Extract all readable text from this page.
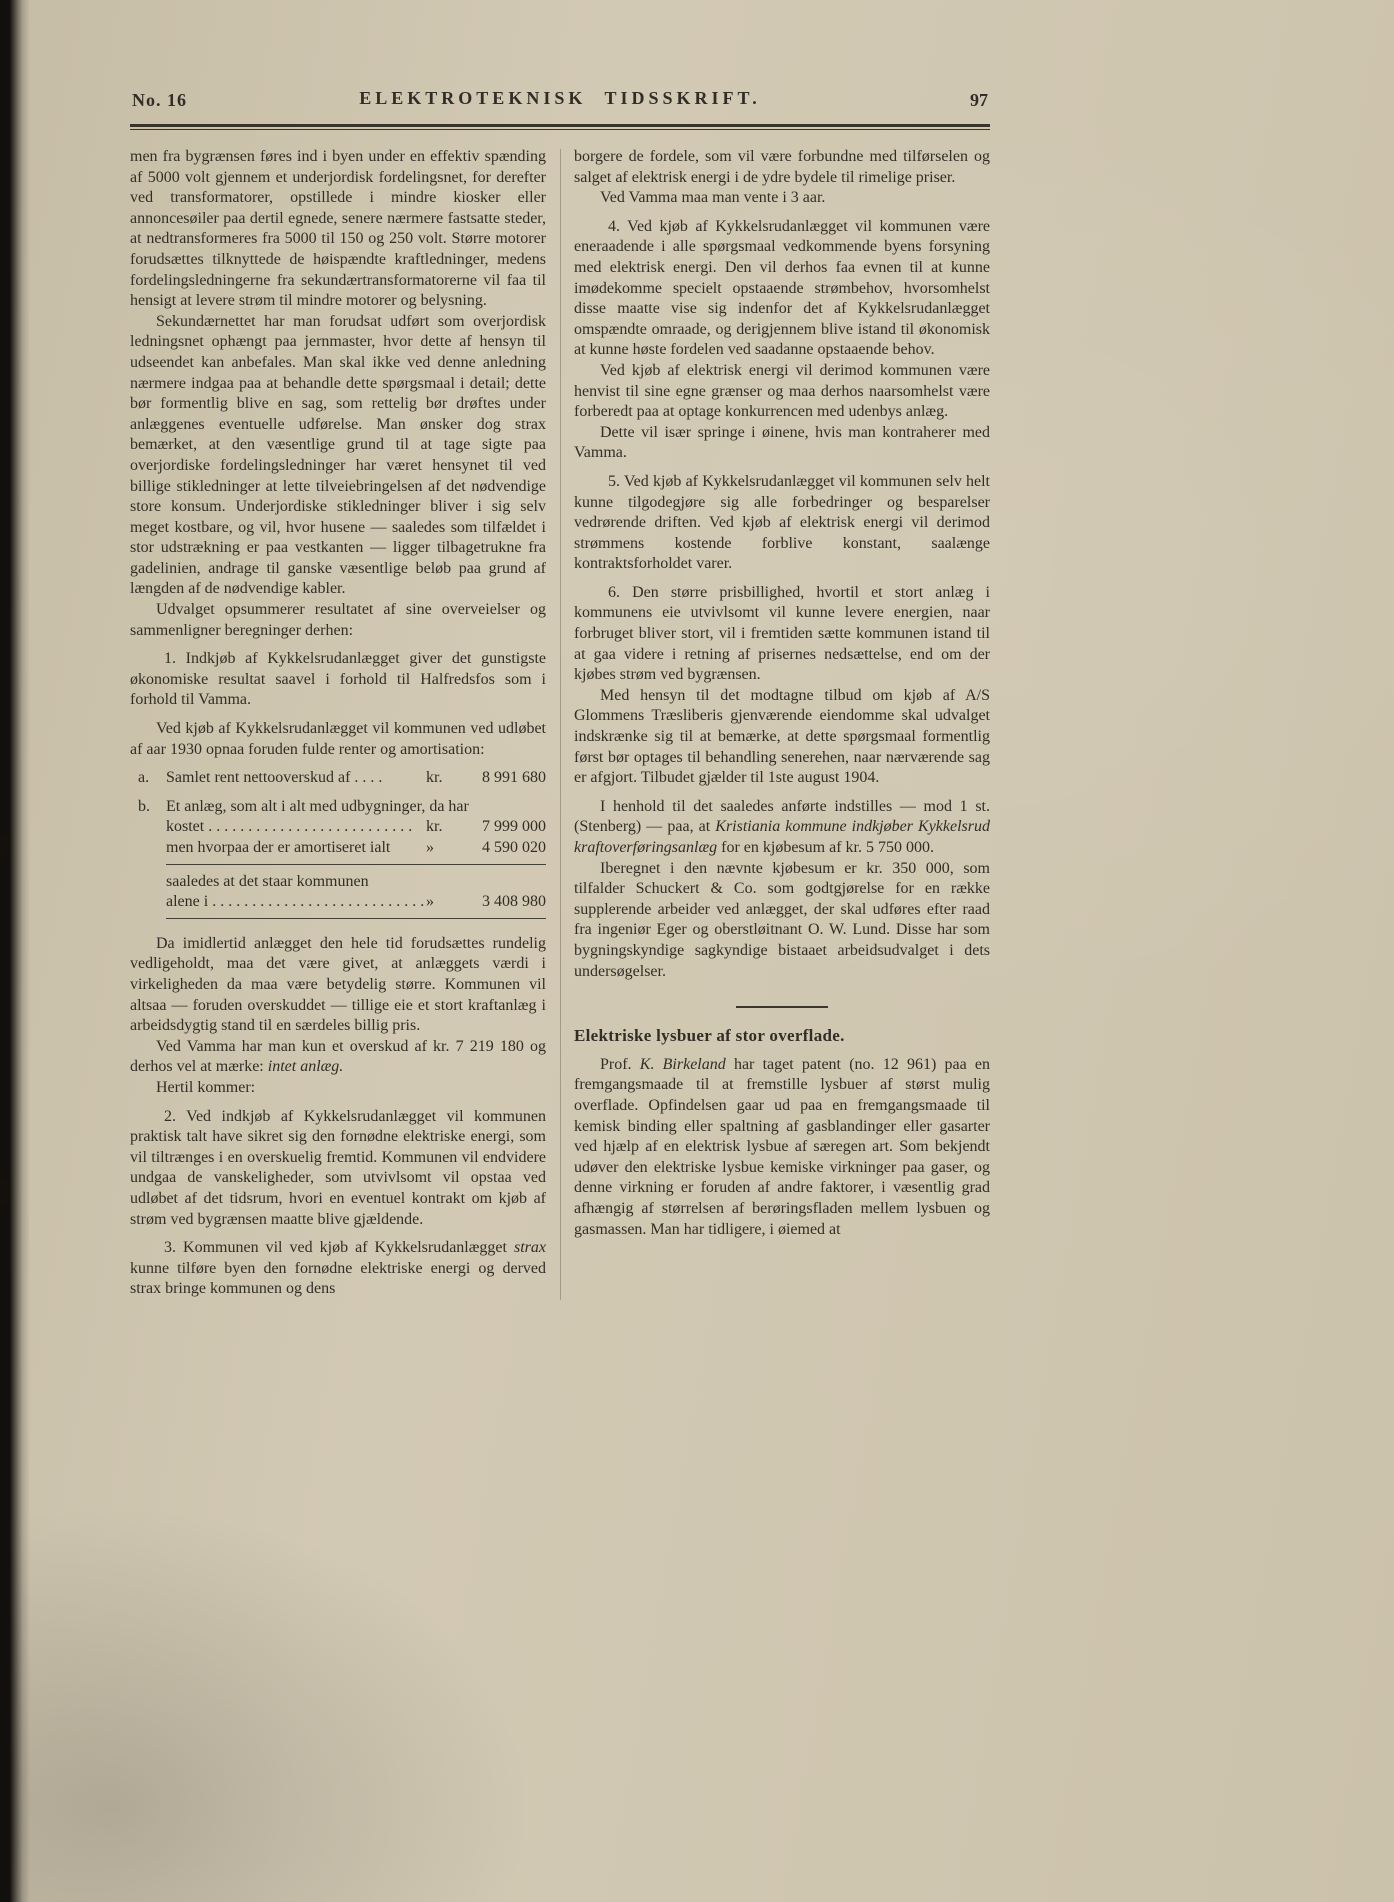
No. 16	ELEKTROTEKNISK TIDSSKRIFT.	97

men fra bygrænsen føres ind i byen under en effektiv spænding af 5000 volt gjennem et underjordisk fordelingsnet, for derefter ved transformatorer, opstillede i mindre kiosker eller annoncesøiler paa dertil egnede, senere nærmere fastsatte steder, at nedtransformeres fra 5000 til 150 og 250 volt. Større motorer forudsættes tilknyttede de høispændte kraftledninger, medens fordelingsledningerne fra sekundærtransformatorerne vil faa til hensigt at levere strøm til mindre motorer og belysning.

Sekundærnettet har man forudsat udført som overjordisk ledningsnet ophængt paa jernmaster, hvor dette af hensyn til udseendet kan anbefales. Man skal ikke ved denne anledning nærmere indgaa paa at behandle dette spørgsmaal i detail; dette bør formentlig blive en sag, som rettelig bør drøftes under anlæggenes eventuelle udførelse. Man ønsker dog strax bemærket, at den væsentlige grund til at tage sigte paa overjordiske fordelingsledninger har været hensynet til ved billige stikledninger at lette tilveiebringelsen af det nødvendige store konsum. Underjordiske stikledninger bliver i sig selv meget kostbare, og vil, hvor husene — saaledes som tilfældet i stor udstrækning er paa vestkanten — ligger tilbagetrukne fra gadelinien, andrage til ganske væsentlige beløb paa grund af længden af de nødvendige kabler.

Udvalget opsummerer resultatet af sine overveielser og sammenligner beregninger derhen:

1. Indkjøb af Kykkelsrudanlægget giver det gunstigste økonomiske resultat saavel i forhold til Halfredsfos som i forhold til Vamma.

Ved kjøb af Kykkelsrudanlægget vil kommunen ved udløbet af aar 1930 opnaa foruden fulde renter og amortisation:

a.	Samlet rent nettooverskud af . . . .	kr.	8 991 680
b.	Et anlæg, som alt i alt med udbygninger, da har
kostet . . . . . . . . . . . . . . . . . . . . . . . . . . kr.	7 999 000
men hvorpaa der er amortiseret ialt	»	4 590 020
saaledes at det staar kommunen
alene i . . . . . . . . . . . . . . . . . . . . . . . . . . . »	3 408 980

Da imidlertid anlægget den hele tid forudsættes rundelig vedligeholdt, maa det være givet, at anlæggets værdi i virkeligheden da maa være betydelig større. Kommunen vil altsaa — foruden overskuddet — tillige eie et stort kraftanlæg i arbeidsdygtig stand til en særdeles billig pris.

Ved Vamma har man kun et overskud af kr. 7 219 180 og derhos vel at mærke: intet anlæg.

Hertil kommer:

2. Ved indkjøb af Kykkelsrudanlægget vil kommunen praktisk talt have sikret sig den fornødne elektriske energi, som vil tiltrænges i en overskuelig fremtid. Kommunen vil endvidere undgaa de vanskeligheder, som utvivlsomt vil opstaa ved udløbet af det tidsrum, hvori en eventuel kontrakt om kjøb af strøm ved bygrænsen maatte blive gjældende.

3. Kommunen vil ved kjøb af Kykkelsrudanlægget strax kunne tilføre byen den fornødne elektriske energi og derved strax bringe kommunen og dens

borgere de fordele, som vil være forbundne med tilførselen og salget af elektrisk energi i de ydre bydele til rimelige priser.

Ved Vamma maa man vente i 3 aar.

4. Ved kjøb af Kykkelsrudanlægget vil kommunen være eneraadende i alle spørgsmaal vedkommende byens forsyning med elektrisk energi. Den vil derhos faa evnen til at kunne imødekomme specielt opstaaende strømbehov, hvorsomhelst disse maatte vise sig indenfor det af Kykkelsrudanlægget omspændte omraade, og derigjennem blive istand til økonomisk at kunne høste fordelen ved saadanne opstaaende behov.

Ved kjøb af elektrisk energi vil derimod kommunen være henvist til sine egne grænser og maa derhos naarsomhelst være forberedt paa at optage konkurrencen med udenbys anlæg.

Dette vil især springe i øinene, hvis man kontraherer med Vamma.

5. Ved kjøb af Kykkelsrudanlægget vil kommunen selv helt kunne tilgodegjøre sig alle forbedringer og besparelser vedrørende driften. Ved kjøb af elektrisk energi vil derimod strømmens kostende forblive konstant, saalænge kontraktsforholdet varer.

6. Den større prisbillighed, hvortil et stort anlæg i kommunens eie utvivlsomt vil kunne levere energien, naar forbruget bliver stort, vil i fremtiden sætte kommunen istand til at gaa videre i retning af prisernes nedsættelse, end om der kjøbes strøm ved bygrænsen.

Med hensyn til det modtagne tilbud om kjøb af A/S Glommens Træsliberis gjenværende eiendomme skal udvalget indskrænke sig til at bemærke, at dette spørgsmaal formentlig først bør optages til behandling senerehen, naar nærværende sag er afgjort. Tilbudet gjælder til 1ste august 1904.

I henhold til det saaledes anførte indstilles — mod 1 st. (Stenberg) — paa, at Kristiania kommune indkjøber Kykkelsrud kraftoverføringsanlæg for en kjøbesum af kr. 5 750 000.

Iberegnet i den nævnte kjøbesum er kr. 350 000, som tilfalder Schuckert & Co. som godtgjørelse for en række supplerende arbeider ved anlægget, der skal udføres efter raad fra ingeniør Eger og oberstløitnant O. W. Lund. Disse har som bygningskyndige sagkyndige bistaaet arbeidsudvalget i dets undersøgelser.

Elektriske lysbuer af stor overflade.

Prof. K. Birkeland har taget patent (no. 12 961) paa en fremgangsmaade til at fremstille lysbuer af størst mulig overflade. Opfindelsen gaar ud paa en fremgangsmaade til kemisk binding eller spaltning af gasblandinger eller gasarter ved hjælp af en elektrisk lysbue af særegen art. Som bekjendt udøver den elektriske lysbue kemiske virkninger paa gaser, og denne virkning er foruden af andre faktorer, i væsentlig grad afhængig af størrelsen af berøringsfladen mellem lysbuen og gasmassen. Man har tidligere, i øiemed at
